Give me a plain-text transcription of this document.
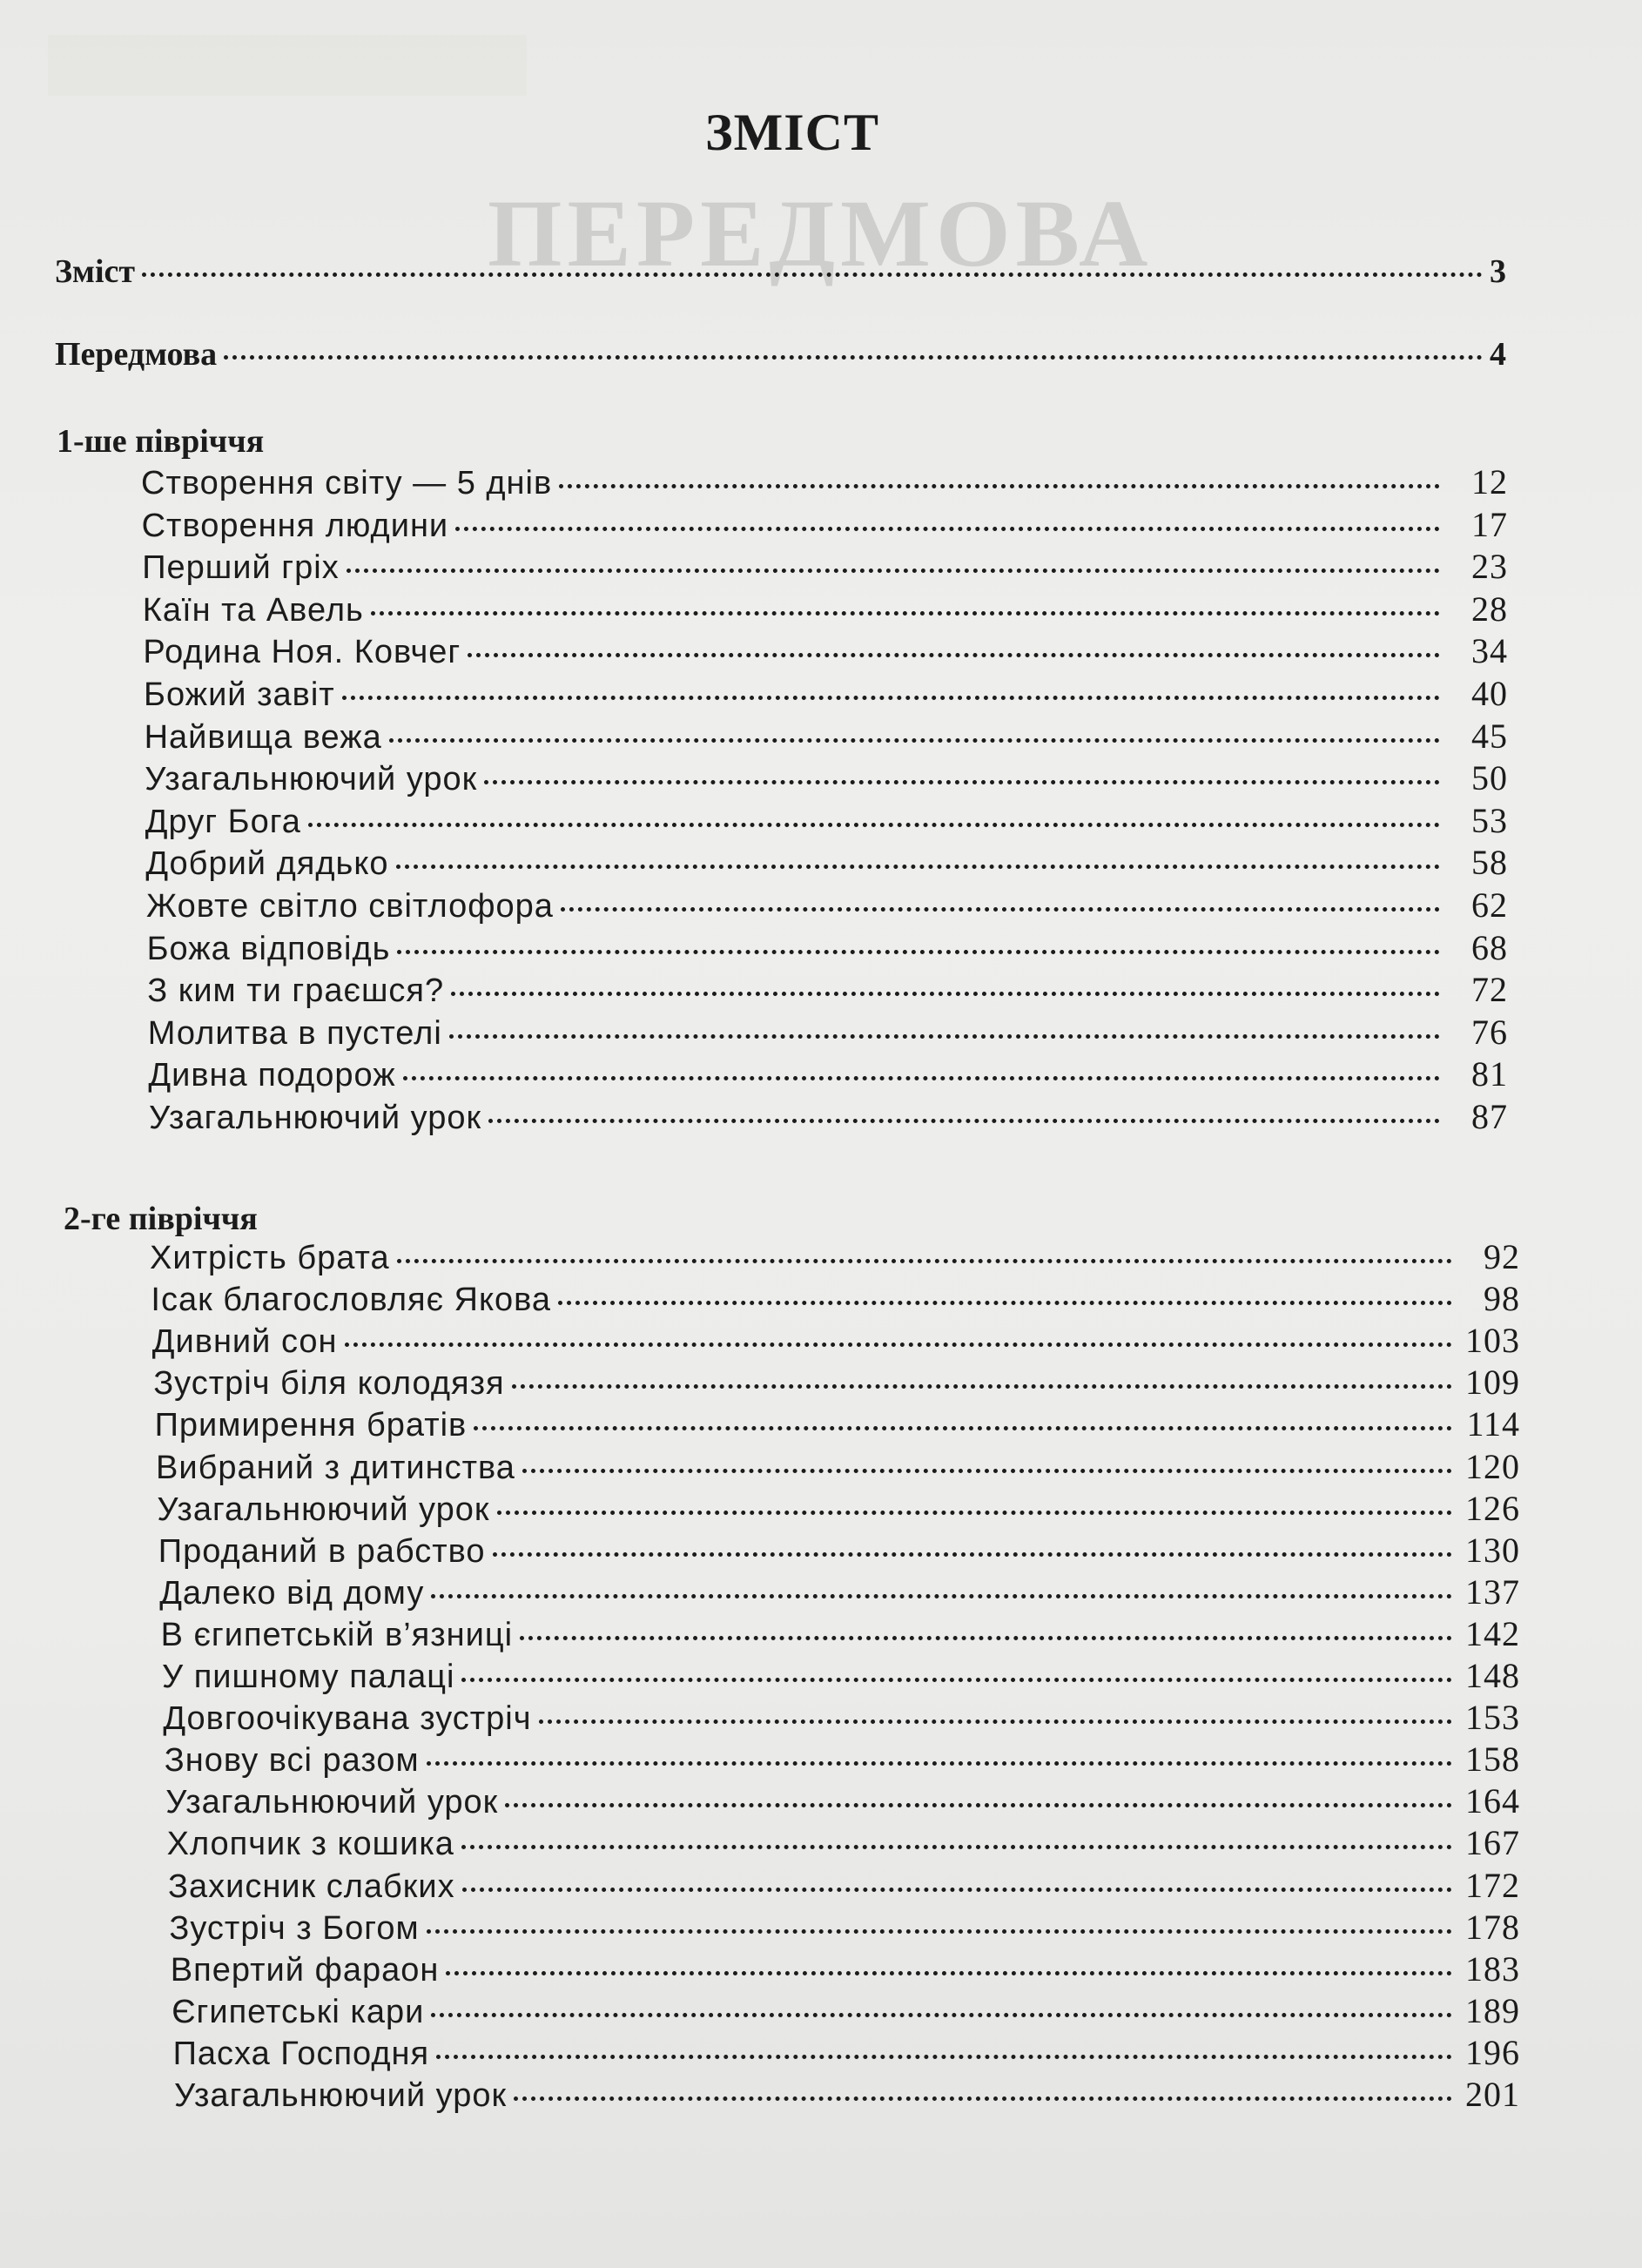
ПЕРЕДМОВА
ЗМІСТ
Зміст	3
Передмова	4
1-ше півріччя
Створення світу ― 5 днів	12
Створення людини	17
Перший гріх	23
Каїн та Авель	28
Родина Ноя. Ковчег	34
Божий завіт	40
Найвища вежа	45
Узагальнюючий урок	50
Друг Бога	53
Добрий дядько	58
Жовте світло світлофора	62
Божа відповідь	68
З ким ти граєшся?	72
Молитва в пустелі	76
Дивна подорож	81
Узагальнюючий урок	87
2-ге півріччя
Хитрість брата	92
Ісак благословляє Якова	98
Дивний сон	103
Зустріч біля колодязя	109
Примирення братів	114
Вибраний з дитинства	120
Узагальнюючий урок	126
Проданий в рабство	130
Далеко від дому	137
В єгипетській в’язниці	142
У пишному палаці	148
Довгоочікувана зустріч	153
Знову всі разом	158
Узагальнюючий урок	164
Хлопчик з кошика	167
Захисник слабких	172
Зустріч з Богом	178
Впертий фараон	183
Єгипетські кари	189
Пасха Господня	196
Узагальнюючий урок	201
